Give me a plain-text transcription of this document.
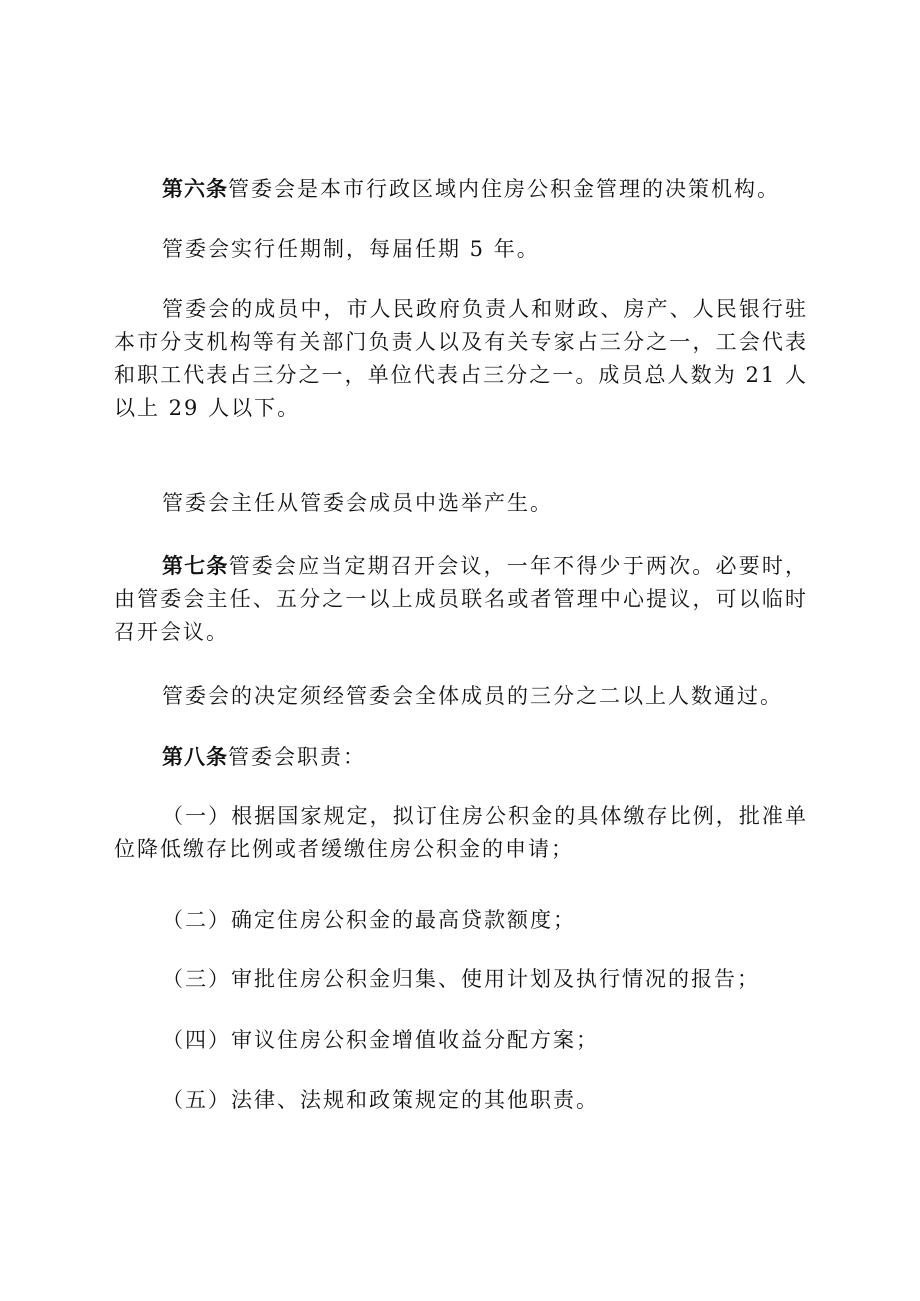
第六条管委会是本市行政区域内住房公积金管理的决策机构。

管委会实行任期制，每届任期 5 年。

管委会的成员中，市人民政府负责人和财政、房产、人民银行驻本市分支机构等有关部门负责人以及有关专家占三分之一，工会代表和职工代表占三分之一，单位代表占三分之一。成员总人数为 21 人以上 29 人以下。

管委会主任从管委会成员中选举产生。

第七条管委会应当定期召开会议，一年不得少于两次。必要时，由管委会主任、五分之一以上成员联名或者管理中心提议，可以临时召开会议。

管委会的决定须经管委会全体成员的三分之二以上人数通过。

第八条管委会职责：

（一）根据国家规定，拟订住房公积金的具体缴存比例，批准单位降低缴存比例或者缓缴住房公积金的申请；

（二）确定住房公积金的最高贷款额度；

（三）审批住房公积金归集、使用计划及执行情况的报告；

（四）审议住房公积金增值收益分配方案；

（五）法律、法规和政策规定的其他职责。
